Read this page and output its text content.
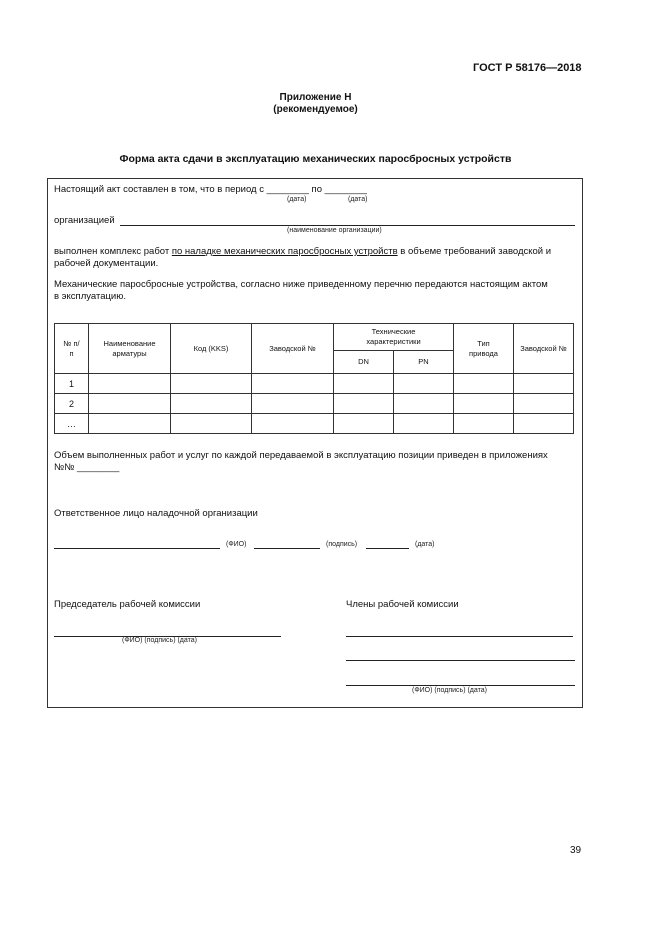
ГОСТ Р 58176—2018
Приложение Н
(рекомендуемое)
Форма акта сдачи в эксплуатацию механических паросбросных устройств
Настоящий акт составлен в том, что в период с ________ по ________
(дата)	(дата)
организацией
(наименование организации)
выполнен комплекс работ по наладке механических паросбросных устройств в объеме требований заводской и
рабочей документации.
Механические паросбросные устройства, согласно ниже приведенному перечню передаются настоящим актом
в эксплуатацию.
№ п/п	Наименование арматуры	Код (KKS)	Заводской №	Технические характеристики		Тип привода	Заводской №
				DN	PN		
1							
2							
…							
Объем выполненных работ и услуг по каждой передаваемой в эксплуатацию позиции приведен в приложениях
№№ ________
Ответственное лицо наладочной организации
(ФИО)	(подпись)	(дата)
Председатель рабочей комиссии
(ФИО) (подпись) (дата)
Члены рабочей комиссии
(ФИО) (подпись) (дата)
39
